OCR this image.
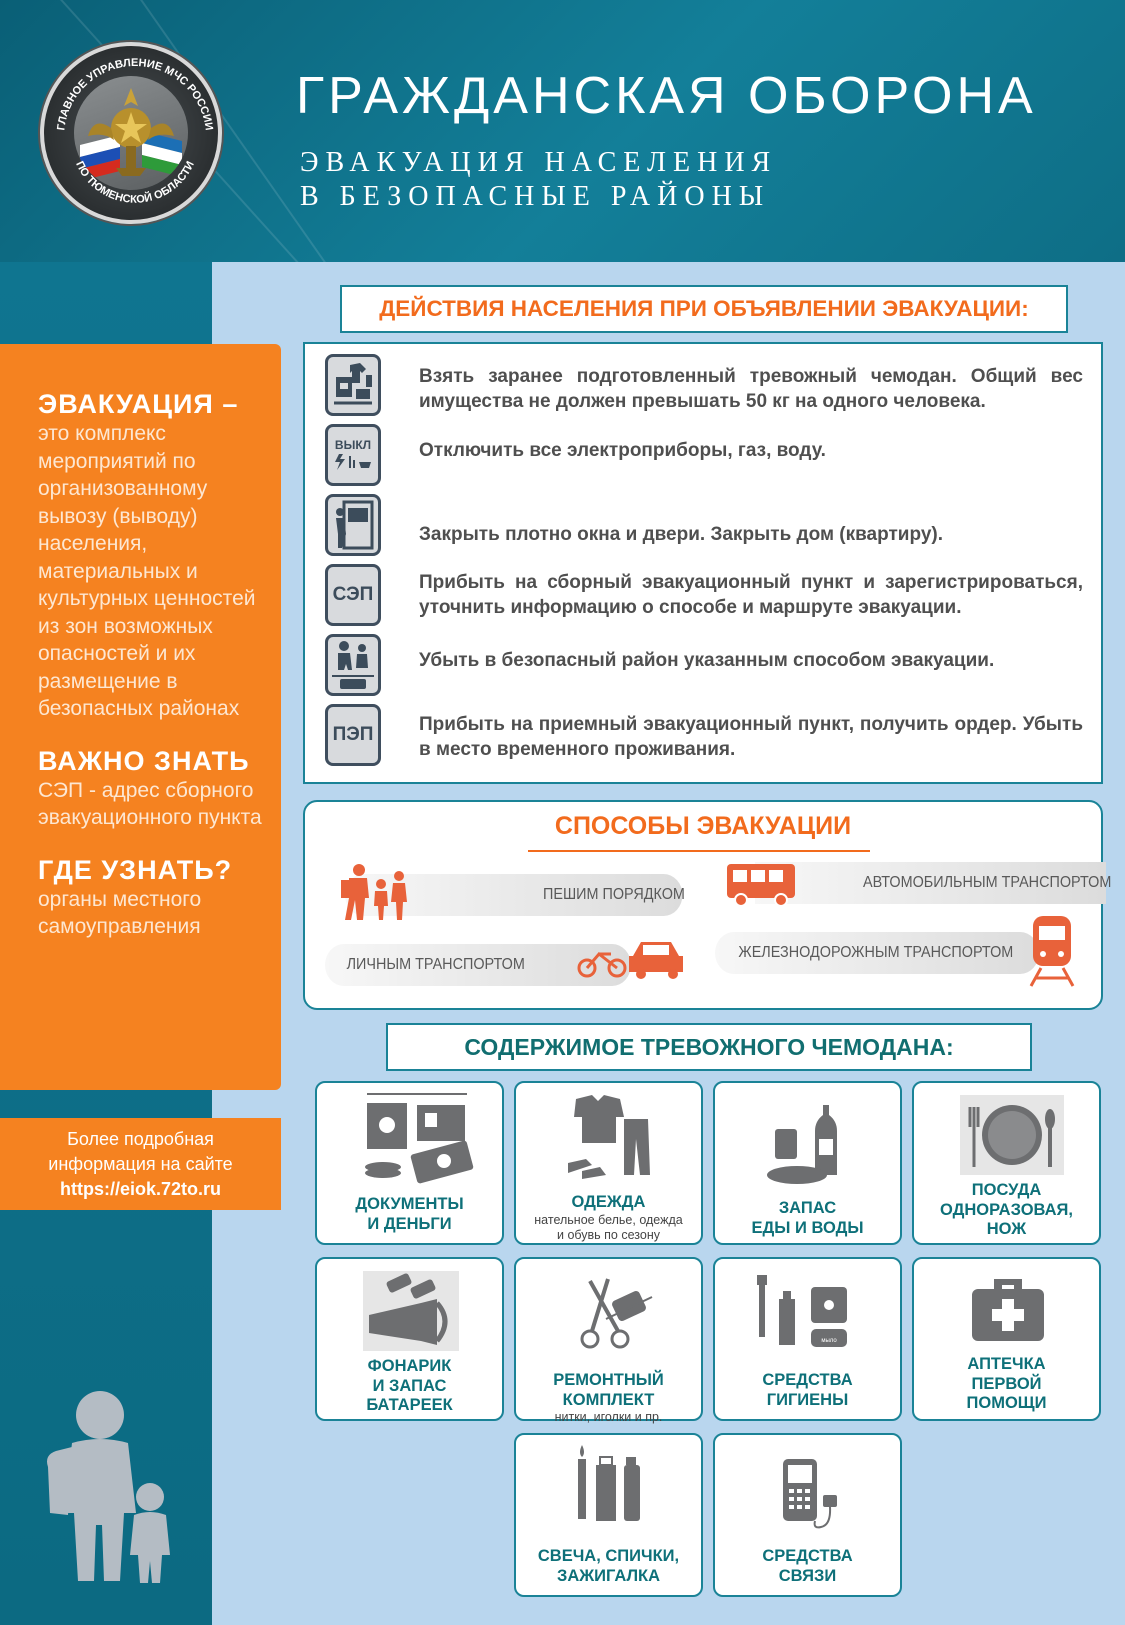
ГЛАВНОЕ УПРАВЛЕНИЕ МЧС РОССИИ
ПО ТЮМЕНСКОЙ ОБЛАСТИ
ГРАЖДАНСКАЯ ОБОРОНА
ЭВАКУАЦИЯ НАСЕЛЕНИЯ
В БЕЗОПАСНЫЕ РАЙОНЫ
ЭВАКУАЦИЯ –
это комплекс мероприятий по организованному вывозу (выводу) населения, материальных и культурных ценностей из зон возможных опасностей и их размещение в безопасных районах
ВАЖНО ЗНАТЬ
СЭП - адрес сборного эвакуационного пункта
ГДЕ УЗНАТЬ?
органы местного самоуправления
Более подробная
информация на сайте
https://eiok.72to.ru
ДЕЙСТВИЯ НАСЕЛЕНИЯ ПРИ ОБЪЯВЛЕНИИ ЭВАКУАЦИИ:
Взять заранее подготовленный тревожный чемодан. Общий вес имущества не должен превышать 50 кг на одного человека.
ВЫКЛ	Отключить все электроприборы, газ, воду.
Закрыть плотно окна и двери. Закрыть дом (квартиру).
СЭП
Прибыть на сборный эвакуационный пункт и зарегистрироваться, уточнить информацию о способе и маршруте эвакуации.
Убыть в безопасный район указанным способом эвакуации.
ПЭП	Прибыть на приемный эвакуационный пункт, получить ордер. Убыть в место временного проживания.
СПОСОБЫ ЭВАКУАЦИИ
ПЕШИМ ПОРЯДКОМ
АВТОМОБИЛЬНЫМ ТРАНСПОРТОМ
ЛИЧНЫМ ТРАНСПОРТОМ
ЖЕЛЕЗНОДОРОЖНЫМ ТРАНСПОРТОМ
СОДЕРЖИМОЕ ТРЕВОЖНОГО ЧЕМОДАНА:
ДОКУМЕНТЫ
И ДЕНЬГИ
ОДЕЖДА
нательное белье, одежда
и обувь по сезону
ЗАПАС
ЕДЫ И ВОДЫ
ПОСУДА
ОДНОРАЗОВАЯ,
НОЖ
ФОНАРИК
И ЗАПАС
БАТАРЕЕК
РЕМОНТНЫЙ
КОМПЛЕКТ
нитки, иголки и пр.
мыло
СРЕДСТВА
ГИГИЕНЫ
АПТЕЧКА
ПЕРВОЙ
ПОМОЩИ
СВЕЧА, СПИЧКИ,
ЗАЖИГАЛКА
СРЕДСТВА
СВЯЗИ
